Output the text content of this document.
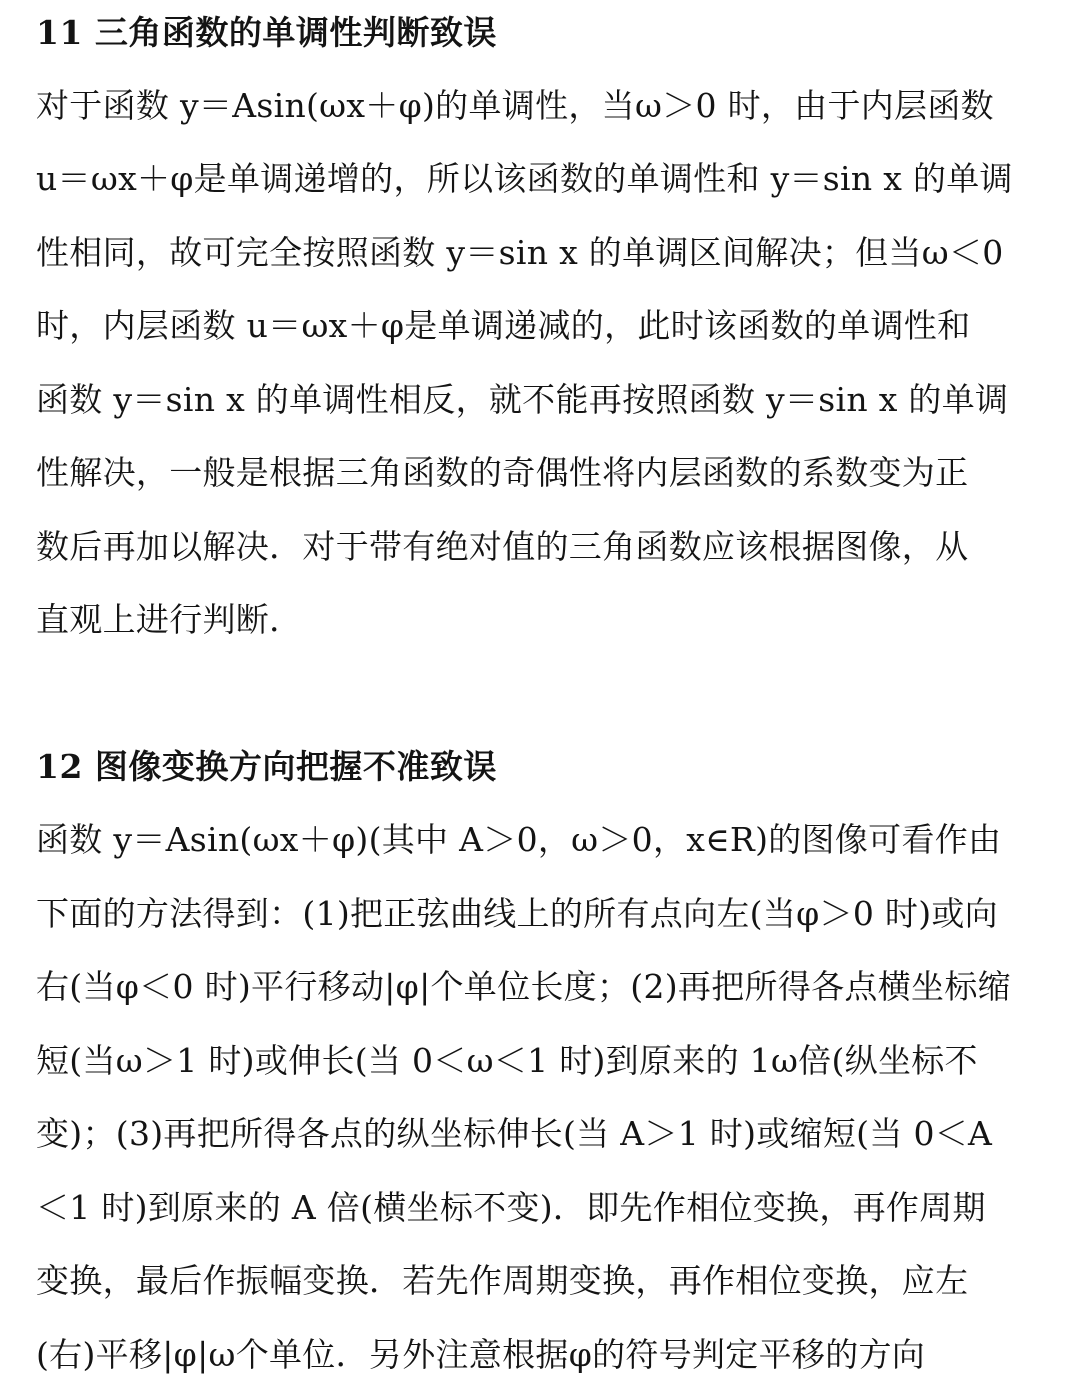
11 三角函数的单调性判断致误
对于函数 y＝Asin(ωx＋φ)的单调性，当ω＞0 时，由于内层函数
u＝ωx＋φ是单调递增的，所以该函数的单调性和 y＝sin x 的单调
性相同，故可完全按照函数 y＝sin x 的单调区间解决；但当ω＜0
时，内层函数 u＝ωx＋φ是单调递减的，此时该函数的单调性和
函数 y＝sin x 的单调性相反，就不能再按照函数 y＝sin x 的单调
性解决，一般是根据三角函数的奇偶性将内层函数的系数变为正
数后再加以解决．对于带有绝对值的三角函数应该根据图像，从
直观上进行判断．
12 图像变换方向把握不准致误
函数 y＝Asin(ωx＋φ)(其中 A＞0，ω＞0，x∈R)的图像可看作由
下面的方法得到：(1)把正弦曲线上的所有点向左(当φ＞0 时)或向
右(当φ＜0 时)平行移动|φ|个单位长度；(2)再把所得各点横坐标缩
短(当ω＞1 时)或伸长(当 0＜ω＜1 时)到原来的 1ω倍(纵坐标不
变)；(3)再把所得各点的纵坐标伸长(当 A＞1 时)或缩短(当 0＜A
＜1 时)到原来的 A 倍(横坐标不变)．即先作相位变换，再作周期
变换，最后作振幅变换．若先作周期变换，再作相位变换，应左
(右)平移|φ|ω个单位．另外注意根据φ的符号判定平移的方向
